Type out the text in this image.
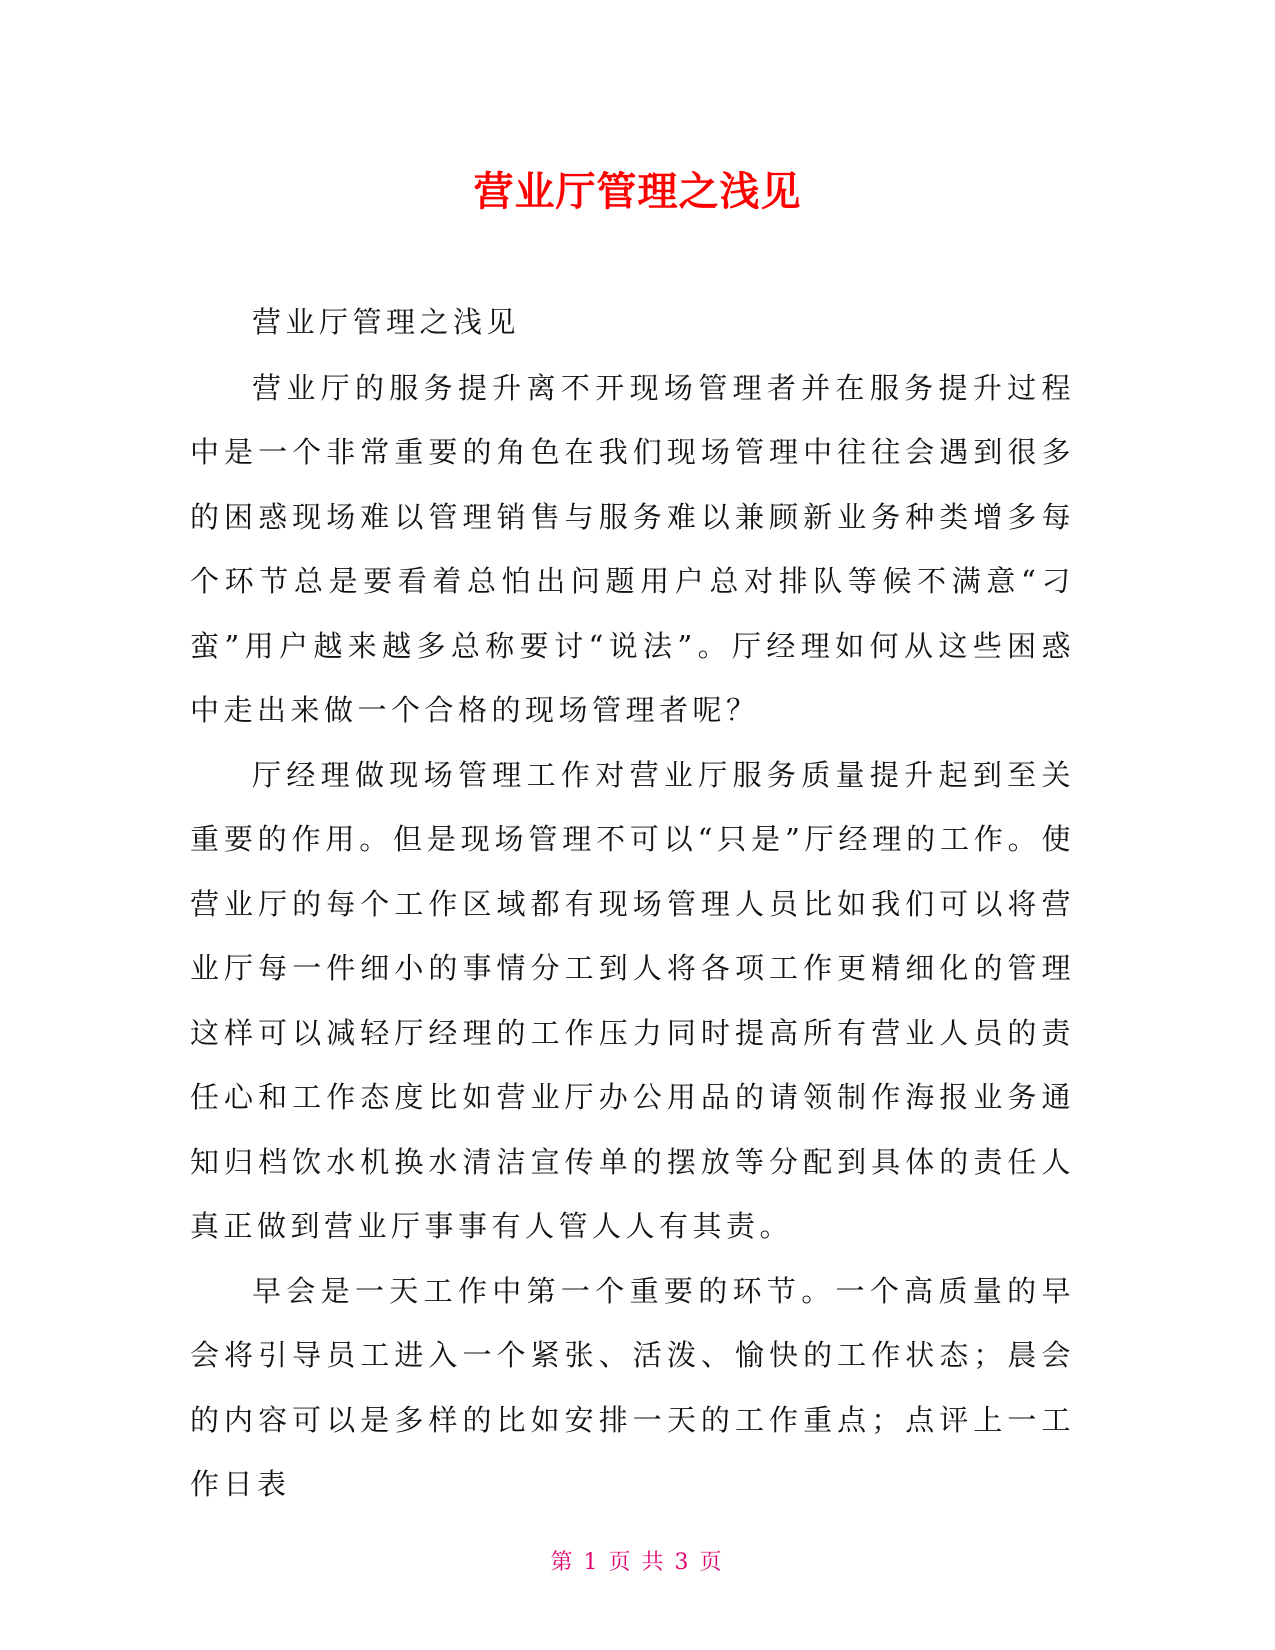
营业厅管理之浅见

营业厅管理之浅见

营业厅的服务提升离不开现场管理者并在服务提升过程中是一个非常重要的角色在我们现场管理中往往会遇到很多的困惑现场难以管理销售与服务难以兼顾新业务种类增多每个环节总是要看着总怕出问题用户总对排队等候不满意“刁蛮”用户越来越多总称要讨“说法”。厅经理如何从这些困惑中走出来做一个合格的现场管理者呢？

厅经理做现场管理工作对营业厅服务质量提升起到至关重要的作用。但是现场管理不可以“只是”厅经理的工作。使营业厅的每个工作区域都有现场管理人员比如我们可以将营业厅每一件细小的事情分工到人将各项工作更精细化的管理这样可以减轻厅经理的工作压力同时提高所有营业人员的责任心和工作态度比如营业厅办公用品的请领制作海报业务通知归档饮水机换水清洁宣传单的摆放等分配到具体的责任人真正做到营业厅事事有人管人人有其责。

早会是一天工作中第一个重要的环节。一个高质量的早会将引导员工进入一个紧张、活泼、愉快的工作状态；晨会的内容可以是多样的比如安排一天的工作重点；点评上一工作日表

第 1 页 共 3 页
